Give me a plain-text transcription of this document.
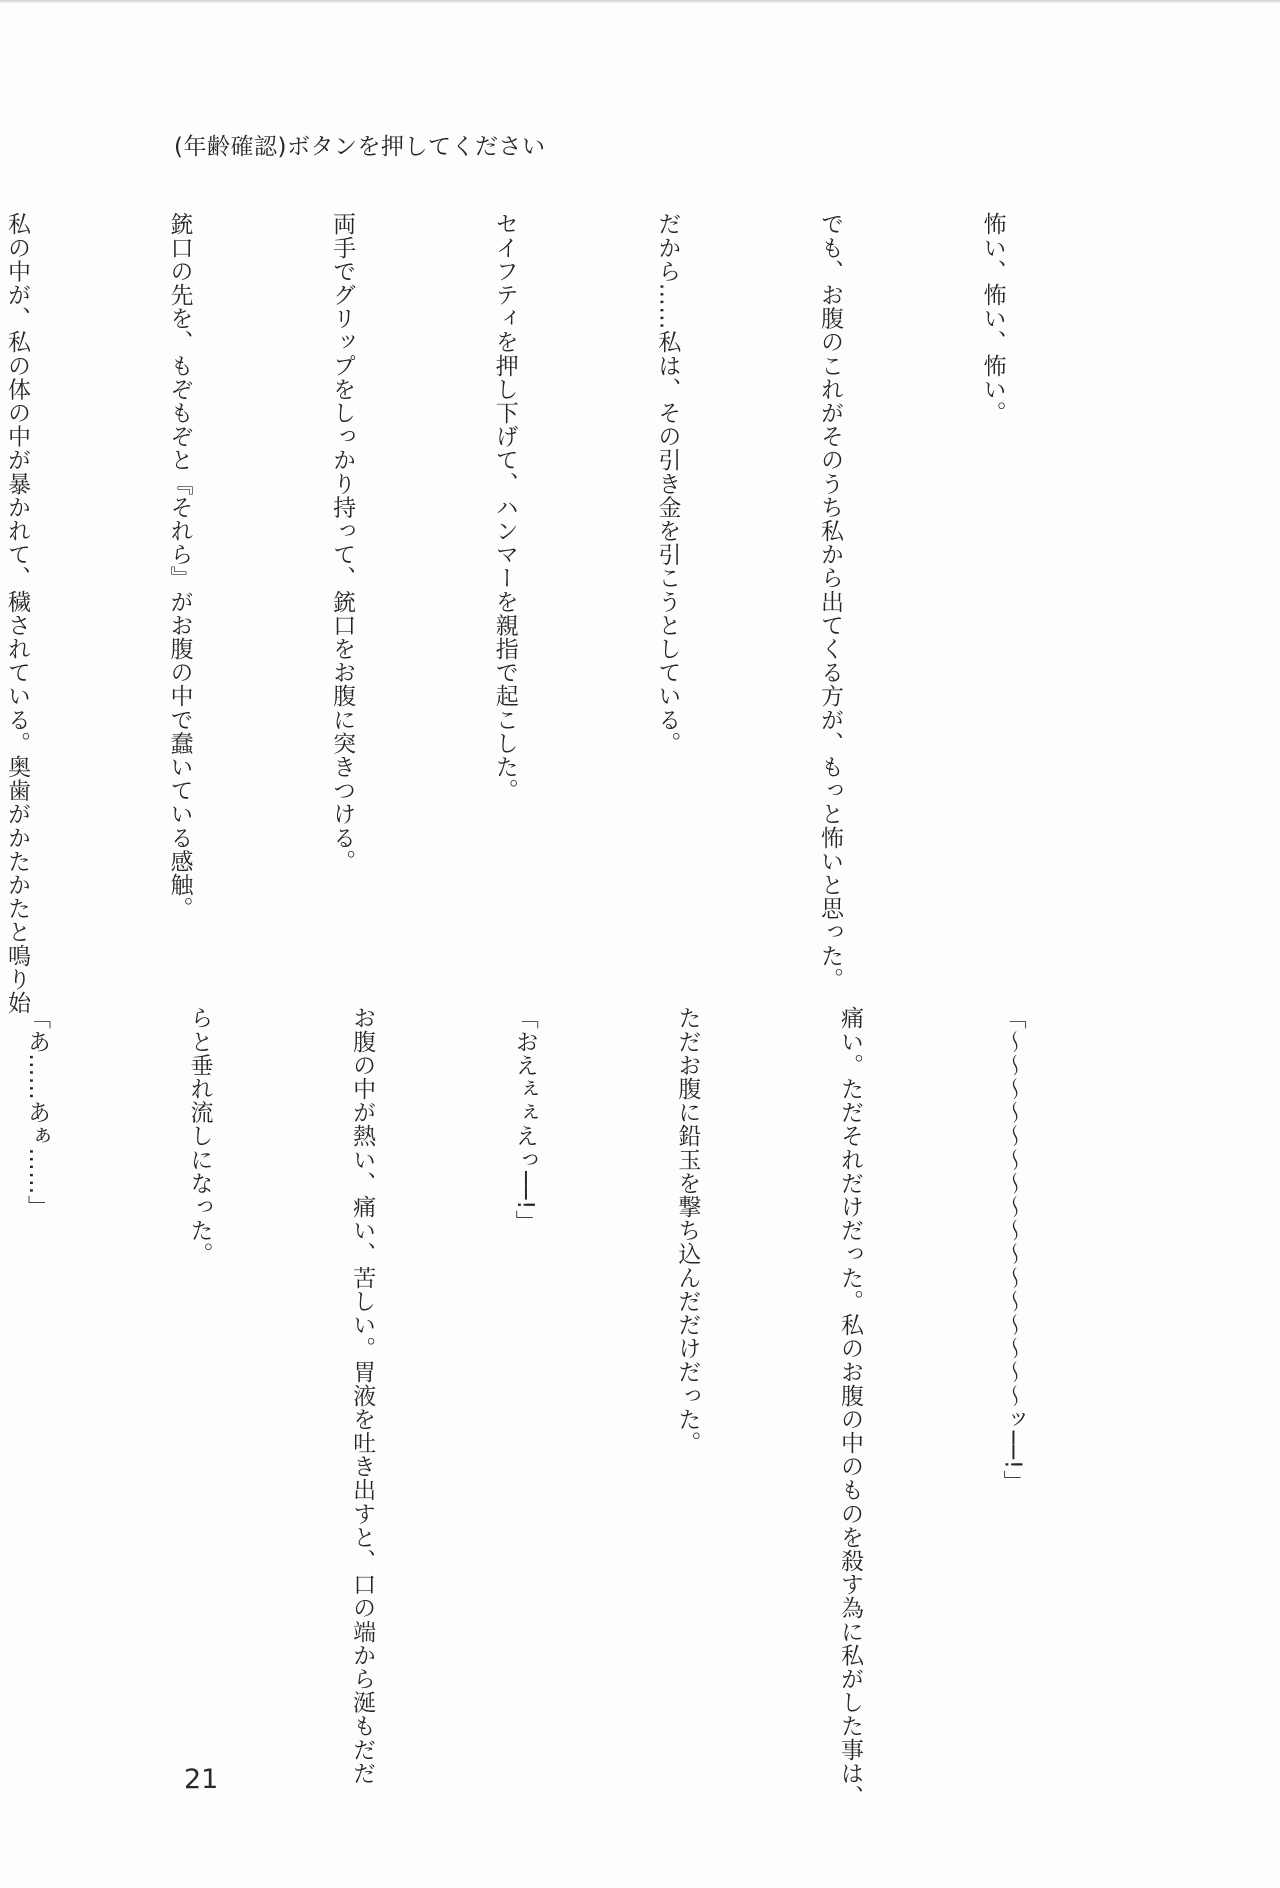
(年齢確認)ボタンを押してください

怖い、怖い、怖い。

でも、お腹のこれがそのうち私から出てくる方が、もっと怖いと思った。

だから……私は、その引き金を引こうとしている。

セイフティを押し下げて、ハンマーを親指で起こした。

両手でグリップをしっかり持って、銃口をお腹に突きつける。

銃口の先を、もぞもぞと『それら』がお腹の中で蠢いている感触。

私の中が、私の体の中が暴かれて、穢されている。奥歯がかたかたと鳴り始

「〜〜〜〜〜〜〜〜〜〜〜〜〜〜〜〜ッ──!」

痛い。ただそれだけだった。私のお腹の中のものを殺す為に私がした事は、

ただお腹に鉛玉を撃ち込んだだけだった。

「おえぇぇえっ──!」

お腹の中が熱い、痛い、苦しい。胃液を吐き出すと、口の端から涎もだだ

らと垂れ流しになった。

「あ……あぁ……」

21
